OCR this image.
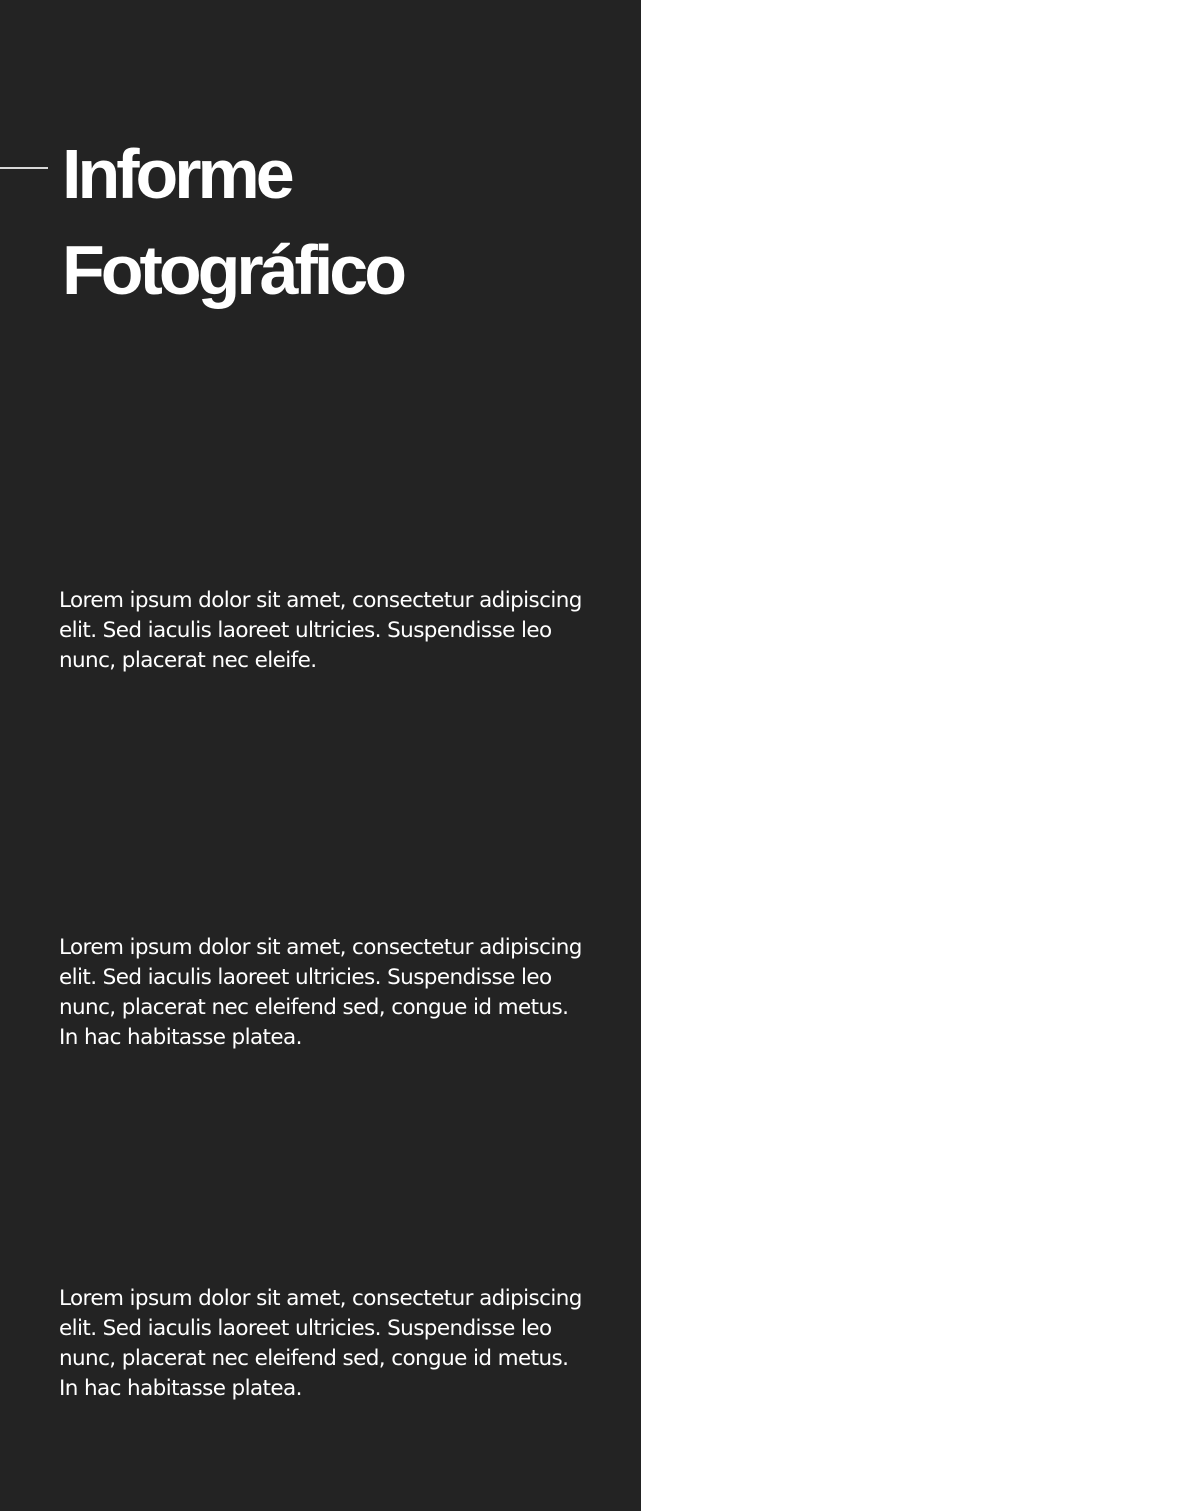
Informe
Fotográfico

Lorem ipsum dolor sit amet, consectetur adipiscing
elit. Sed iaculis laoreet ultricies. Suspendisse leo
nunc, placerat nec eleife.

Lorem ipsum dolor sit amet, consectetur adipiscing
elit. Sed iaculis laoreet ultricies. Suspendisse leo
nunc, placerat nec eleifend sed, congue id metus.
In hac habitasse platea.

Lorem ipsum dolor sit amet, consectetur adipiscing
elit. Sed iaculis laoreet ultricies. Suspendisse leo
nunc, placerat nec eleifend sed, congue id metus.
In hac habitasse platea.
